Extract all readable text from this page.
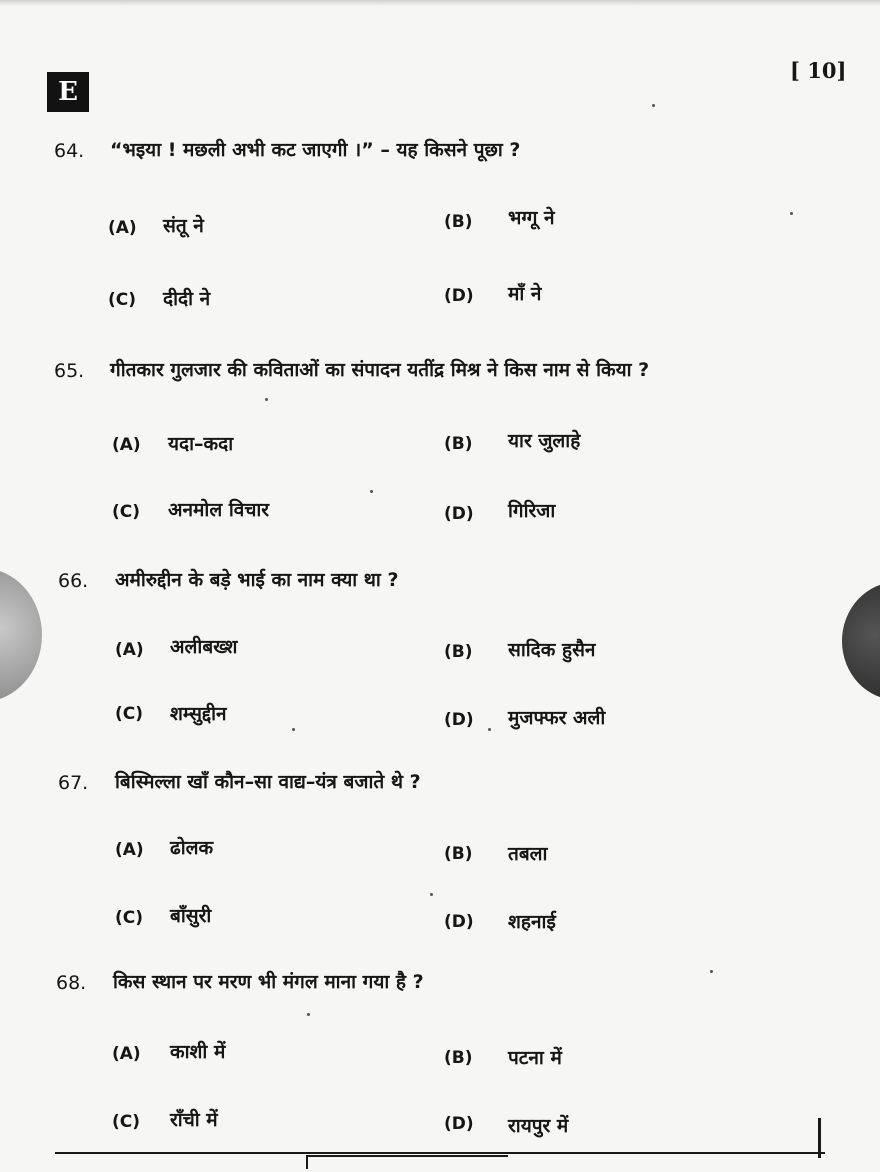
E
[ 10]
64. “भइया ! मछली अभी कट जाएगी ।” – यह किसने पूछा ?
(A) संतू ने	(B) भग्गू ने
(C) दीदी ने	(D) माँ ने
65. गीतकार गुलजार की कविताओं का संपादन यतींद्र मिश्र ने किस नाम से किया ?
(A) यदा–कदा	(B) यार जुलाहे
(C) अनमोल विचार	(D) गिरिजा
66. अमीरुद्दीन के बड़े भाई का नाम क्या था ?
(A) अलीबख्श	(B) सादिक हुसैन
(C) शम्सुद्दीन	(D) मुजफ्फर अली
67. बिस्मिल्ला खाँ कौन–सा वाद्य–यंत्र बजाते थे ?
(A) ढोलक	(B) तबला
(C) बाँसुरी	(D) शहनाई
68. किस स्थान पर मरण भी मंगल माना गया है ?
(A) काशी में	(B) पटना में
(C) राँची में	(D) रायपुर में
